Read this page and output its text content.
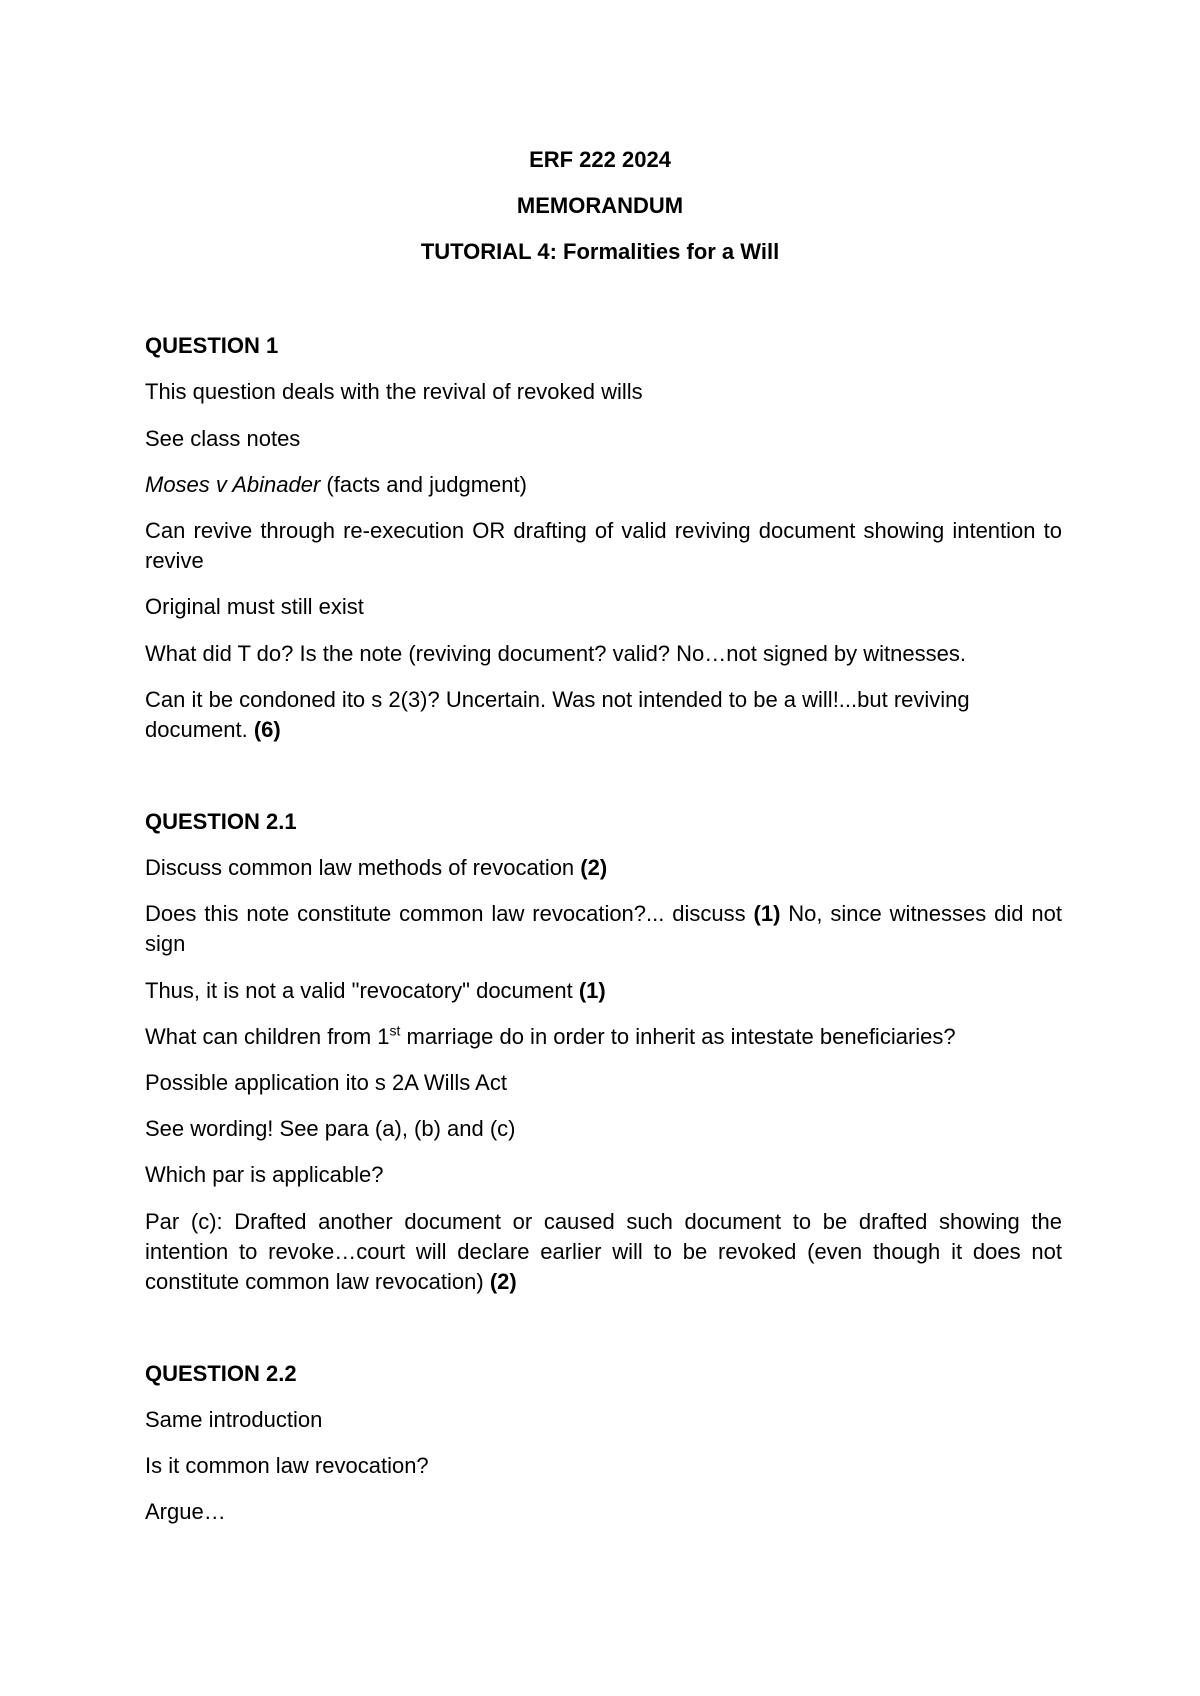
ERF 222 2024

MEMORANDUM

TUTORIAL 4: Formalities for a Will

QUESTION 1

This question deals with the revival of revoked wills

See class notes

Moses v Abinader (facts and judgment)

Can revive through re-execution OR drafting of valid reviving document showing intention to revive

Original must still exist

What did T do? Is the note (reviving document? valid? No…not signed by witnesses.

Can it be condoned ito s 2(3)? Uncertain. Was not intended to be a will!...but reviving document. (6)

QUESTION 2.1

Discuss common law methods of revocation (2)

Does this note constitute common law revocation?... discuss (1) No, since witnesses did not sign

Thus, it is not a valid "revocatory" document (1)

What can children from 1st marriage do in order to inherit as intestate beneficiaries?

Possible application ito s 2A Wills Act

See wording! See para (a), (b) and (c)

Which par is applicable?

Par (c): Drafted another document or caused such document to be drafted showing the intention to revoke…court will declare earlier will to be revoked (even though it does not constitute common law revocation) (2)

QUESTION 2.2

Same introduction

Is it common law revocation?

Argue…
